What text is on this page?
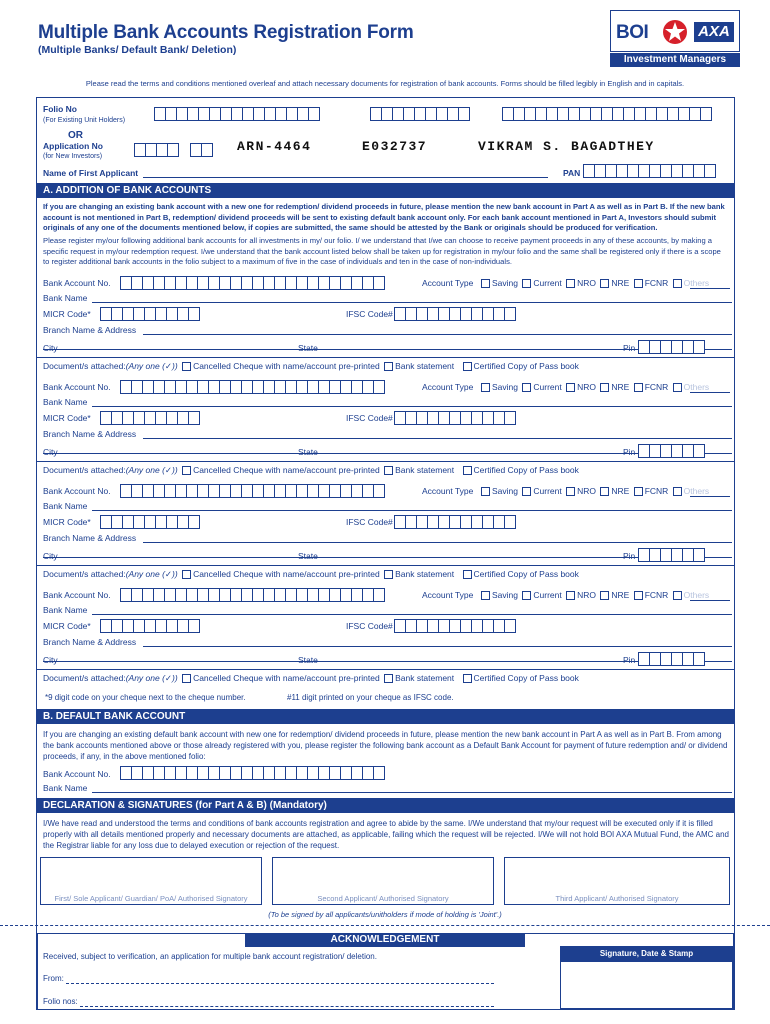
Multiple Bank Accounts Registration Form
(Multiple Banks/ Default Bank/ Deletion)
BOI	AXA
Investment Managers
Please read the terms and conditions mentioned overleaf and attach necessary documents for registration of bank accounts. Forms should be filled legibly in English and in capitals.
Folio No
(For Existing Unit Holders)
OR
Application No
(for New Investors)
ARN-4464	E032737	VIKRAM S. BAGADTHEY
Name of First Applicant	PAN
A. ADDITION OF BANK ACCOUNTS
If you are changing an existing bank account with a new one for redemption/ dividend proceeds in future, please mention the new bank account in Part A as well as in Part B. If the new bank account is not mentioned in Part B, redemption/ dividend proceeds will be sent to existing default bank account only. For each bank account mentioned in Part A, Investors should submit originals of any one of the documents mentioned below, if copies are submitted, the same should be attested by the Bank or originals should be produced for verification.
Please register my/our following additional bank accounts for all investments in my/ our folio. I/ we understand that I/we can choose to receive payment proceeds in any of these accounts, by making a specific request in my/our redemption request. I/we understand that the bank account listed below shall be taken up for registration in my/our folio and the same shall be registered only if there is a scope to register additional bank accounts in the folio subject to a maximum of five in the case of individuals and ten in the case of non-individuals.
Bank Account No.	Account Type	Saving Current NRO NRE FCNR Others
Bank Name
MICR Code*	IFSC Code#
Branch Name & Address
City	State	Pin
Document/s attached:(Any one (✓)) Cancelled Cheque with name/account pre-printed Bank statement Certified Copy of Pass book
Bank Account No.	Account Type	Saving Current NRO NRE FCNR Others
Bank Name
MICR Code*	IFSC Code#
Branch Name & Address
City	State	Pin
Document/s attached:(Any one (✓)) Cancelled Cheque with name/account pre-printed Bank statement Certified Copy of Pass book
Bank Account No.	Account Type	Saving Current NRO NRE FCNR Others
Bank Name
MICR Code*	IFSC Code#
Branch Name & Address
City	State	Pin
Document/s attached:(Any one (✓)) Cancelled Cheque with name/account pre-printed Bank statement Certified Copy of Pass book
Bank Account No.	Account Type	Saving Current NRO NRE FCNR Others
Bank Name
MICR Code*	IFSC Code#
Branch Name & Address
City	State	Pin
Document/s attached:(Any one (✓)) Cancelled Cheque with name/account pre-printed Bank statement Certified Copy of Pass book
*9 digit code on your cheque next to the cheque number.	#11 digit printed on your cheque as IFSC code.
B. DEFAULT BANK ACCOUNT
If you are changing an existing default bank account with new one for redemption/ dividend proceeds in future, please mention the new bank account in Part A as well as in Part B. From among the bank accounts mentioned above or those already registered with you, please register the following bank account as a Default Bank Account for payment of future redemption and/ or dividend proceeds, if any, in the above mentioned folio:
Bank Account No.
Bank Name
DECLARATION & SIGNATURES (for Part A & B) (Mandatory)
I/We have read and understood the terms and conditions of bank accounts registration and agree to abide by the same. I/We understand that my/our request will be executed only if it is filled properly with all details mentioned properly and necessary documents are attached, as applicable, failing which the request will be rejected. I/We will not hold BOI AXA Mutual Fund, the AMC and the Registrar liable for any loss due to delayed execution or rejection of the request.
First/ Sole Applicant/ Guardian/ PoA/ Authorised Signatory	Second Applicant/ Authorised Signatory	Third Applicant/ Authorised Signatory
(To be signed by all applicants/unitholders if mode of holding is 'Joint'.)
ACKNOWLEDGEMENT
Signature, Date & Stamp
Received, subject to verification, an application for multiple bank account registration/ deletion.
From:
Folio nos:
